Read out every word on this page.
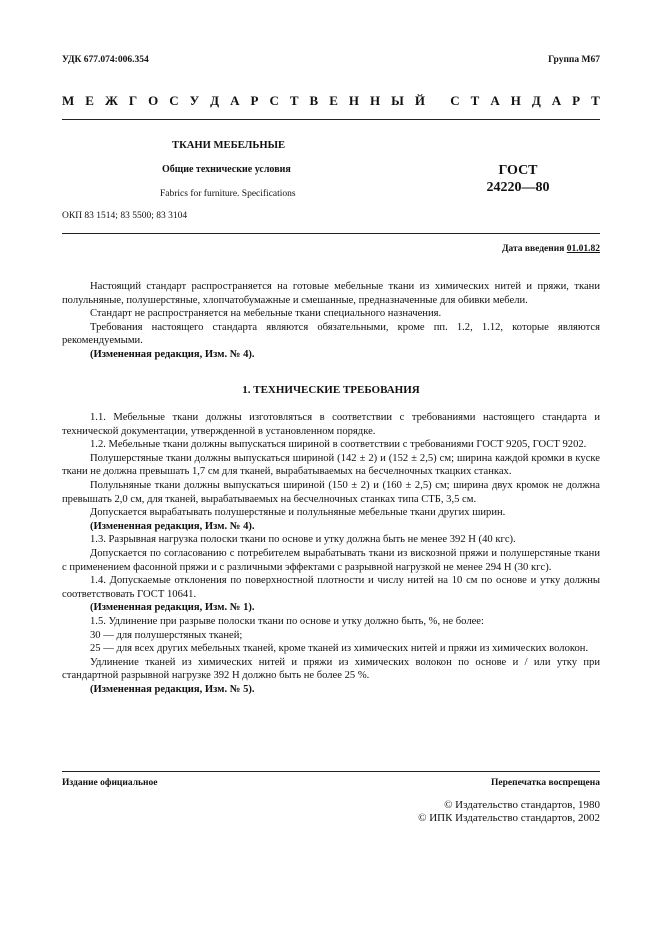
УДК 677.074:006.354	Группа М67
М Е Ж Г О С У Д А Р С Т В Е Н Н Ы Й
С Т А Н Д А Р Т
ТКАНИ МЕБЕЛЬНЫЕ
Общие технические условия
Fabrics for furniture. Specifications
ОКП 83 1514; 83 5500; 83 3104
ГОСТ
24220—80
Дата введения 01.01.82

Настоящий стандарт распространяется на готовые мебельные ткани из химических нитей и пряжи, ткани полульняные, полушерстяные, хлопчатобумажные и смешанные, предназначенные для обивки мебели.

Стандарт не распространяется на мебельные ткани специального назначения.

Требования настоящего стандарта являются обязательными, кроме пп. 1.2, 1.12, которые являются рекомендуемыми.

(Измененная редакция, Изм. № 4).

1. ТЕХНИЧЕСКИЕ ТРЕБОВАНИЯ

1.1. Мебельные ткани должны изготовляться в соответствии с требованиями настоящего стандарта и технической документации, утвержденной в установленном порядке.

1.2. Мебельные ткани должны выпускаться шириной в соответствии с требованиями ГОСТ 9205, ГОСТ 9202.

Полушерстяные ткани должны выпускаться шириной (142 ± 2) и (152 ± 2,5) см; ширина каждой кромки в куске ткани не должна превышать 1,7 см для тканей, вырабатываемых на бесчелночных ткацких станках.

Полульняные ткани должны выпускаться шириной (150 ± 2) и (160 ± 2,5) см; ширина двух кромок не должна превышать 2,0 см, для тканей, вырабатываемых на бесчелночных станках типа СТБ, 3,5 см.

Допускается вырабатывать полушерстяные и полульняные мебельные ткани других ширин.

(Измененная редакция, Изм. № 4).

1.3. Разрывная нагрузка полоски ткани по основе и утку должна быть не менее 392 Н (40 кгс).

Допускается по согласованию с потребителем вырабатывать ткани из вискозной пряжи и полушерстяные ткани с применением фасонной пряжи и с различными эффектами с разрывной нагрузкой не менее 294 Н (30 кгс).

1.4. Допускаемые отклонения по поверхностной плотности и числу нитей на 10 см по основе и утку должны соответствовать ГОСТ 10641.

(Измененная редакция, Изм. № 1).

1.5. Удлинение при разрыве полоски ткани по основе и утку должно быть, %, не более:

30 — для полушерстяных тканей;

25 — для всех других мебельных тканей, кроме тканей из химических нитей и пряжи из химических волокон.

Удлинение тканей из химических нитей и пряжи из химических волокон по основе и / или утку при стандартной разрывной нагрузке 392 Н должно быть не более 25 %.

(Измененная редакция, Изм. № 5).

Издание официальное	Перепечатка воспрещена
© Издательство стандартов, 1980
© ИПК Издательство стандартов, 2002
